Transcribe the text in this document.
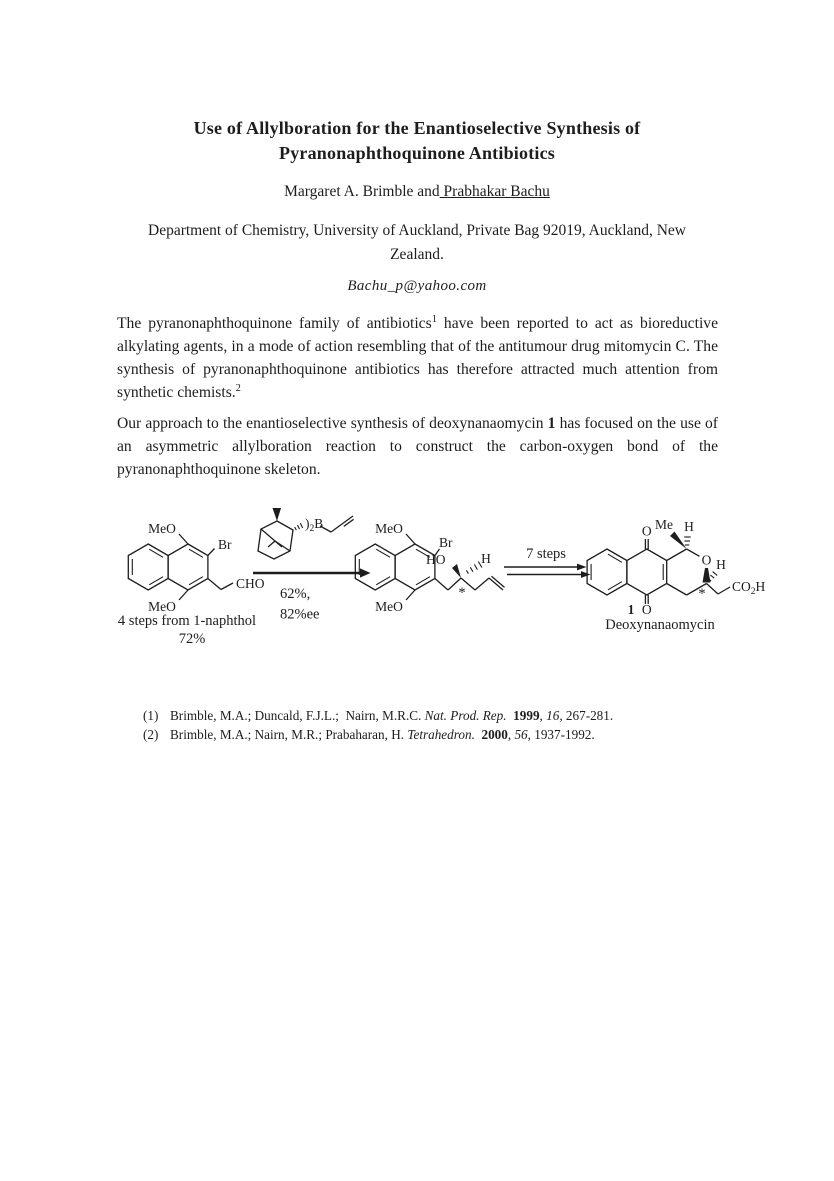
Use of Allylboration for the Enantioselective Synthesis of Pyranonaphthoquinone Antibiotics
Margaret A. Brimble and Prabhakar Bachu
Department of Chemistry, University of Auckland, Private Bag 92019, Auckland, New Zealand.
Bachu_p@yahoo.com
The pyranonaphthoquinone family of antibiotics$^1$ have been reported to act as bioreductive alkylating agents, in a mode of action resembling that of the antitumour drug mitomycin C. The synthesis of pyranonaphthoquinone antibiotics has therefore attracted much attention from synthetic chemists.$^2$
Our approach to the enantioselective synthesis of deoxynanaomycin 1 has focused on the use of an asymmetric allylboration reaction to construct the carbon-oxygen bond of the pyranonaphthoquinone skeleton.
MeO
Br
CHO
MeO
4 steps from 1-naphthol
72%
)$_2B$
62%,
82%ee
MeO
Br
HO	H
*
MeO
7 steps
O Me H
O H
$CO_2H$
*
1 O
Deoxynanaomycin
(1) Brimble, M.A.; Duncald, F.J.L.;  Nairn, M.R.C. Nat. Prod. Rep. 1999, 16, 267-281.
(2) Brimble, M.A.; Nairn, M.R.; Prabaharan, H. Tetrahedron. 2000, 56, 1937-1992.
